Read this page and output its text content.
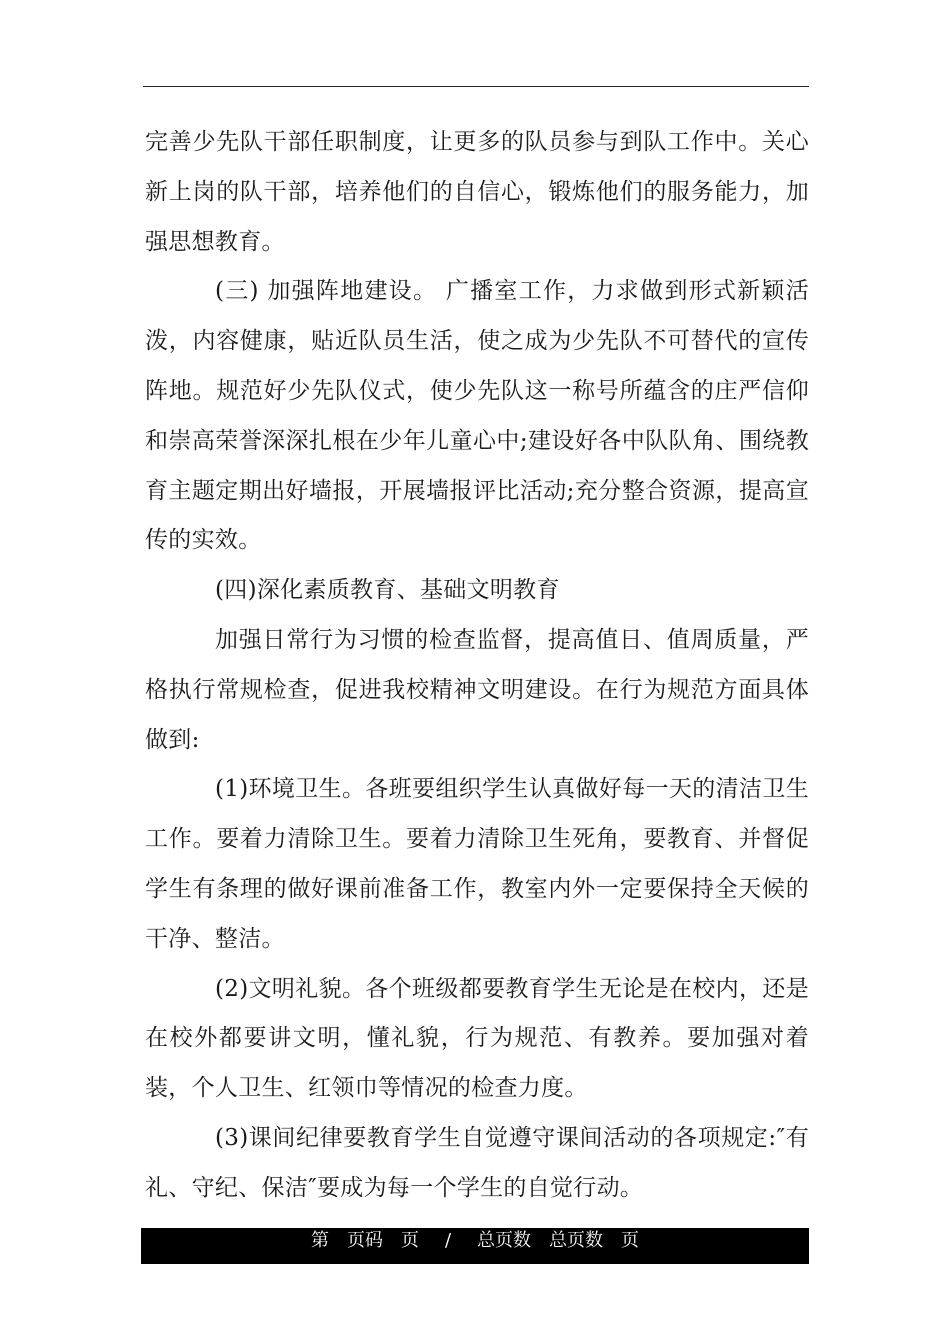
完善少先队干部任职制度，让更多的队员参与到队工作中。关心新上岗的队干部，培养他们的自信心，锻炼他们的服务能力，加强思想教育。

(三) 加强阵地建设。 广播室工作，力求做到形式新颖活泼，内容健康，贴近队员生活，使之成为少先队不可替代的宣传阵地。规范好少先队仪式，使少先队这一称号所蕴含的庄严信仰和崇高荣誉深深扎根在少年儿童心中;建设好各中队队角、围绕教育主题定期出好墙报，开展墙报评比活动;充分整合资源，提高宣传的实效。

(四)深化素质教育、基础文明教育

加强日常行为习惯的检查监督，提高值日、值周质量，严格执行常规检查，促进我校精神文明建设。在行为规范方面具体做到:

(1)环境卫生。各班要组织学生认真做好每一天的清洁卫生工作。要着力清除卫生。要着力清除卫生死角，要教育、并督促学生有条理的做好课前准备工作，教室内外一定要保持全天候的干净、整洁。

(2)文明礼貌。各个班级都要教育学生无论是在校内，还是在校外都要讲文明，懂礼貌，行为规范、有教养。要加强对着装，个人卫生、红领巾等情况的检查力度。

(3)课间纪律要教育学生自觉遵守课间活动的各项规定:″有礼、守纪、保洁″要成为每一个学生的自觉行动。

第 页码 页 / 总页数 总页数 页
